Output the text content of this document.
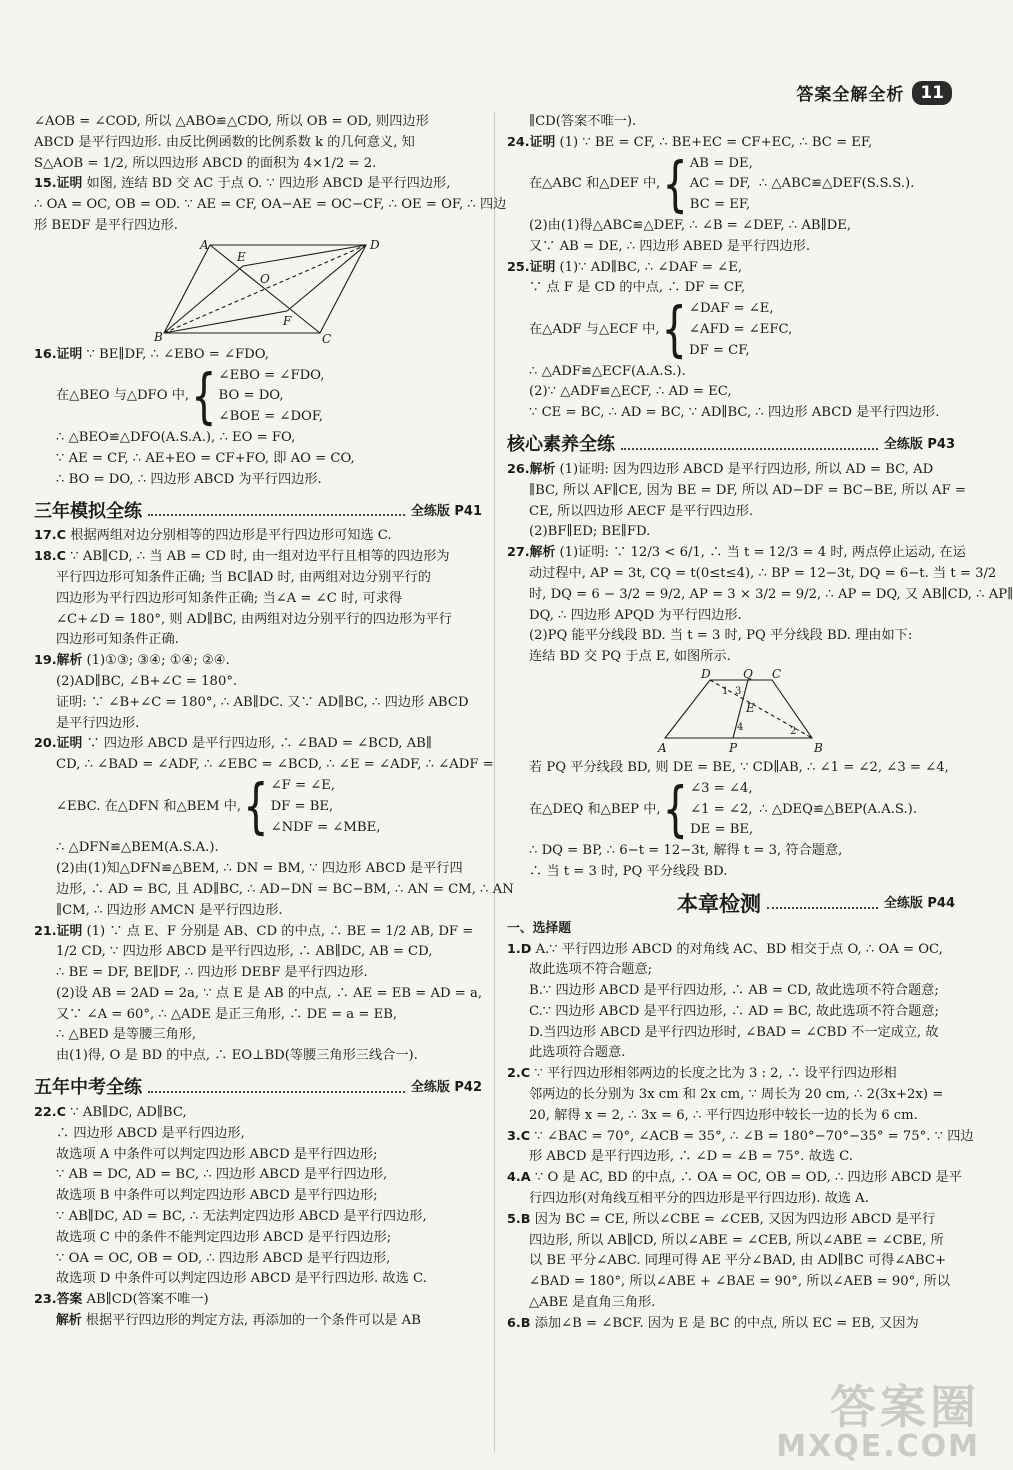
答案全解全析 11

∠AOB = ∠COD, 所以 △ABO≌△CDO, 所以 OB = OD, 则四边形

ABCD 是平行四边形. 由反比例函数的比例系数 k 的几何意义, 知

S△AOB = 1/2, 所以四边形 ABCD 的面积为 4×1/2 = 2.

15.证明 如图, 连结 BD 交 AC 于点 O. ∵ 四边形 ABCD 是平行四边形,

∴ OA = OC, OB = OD. ∵ AE = CF, OA−AE = OC−CF, ∴ OE = OF, ∴ 四边

形 BEDF 是平行四边形.

A	D
B	C
E
F
O

16.证明 ∵ BE∥DF, ∴ ∠EBO = ∠FDO,

在△BEO 与△DFO 中, { ∠EBO = ∠FDO,
BO = DO,
∠BOE = ∠DOF,

∴ △BEO≌△DFO(A.S.A.), ∴ EO = FO,

∵ AE = CF, ∴ AE+EO = CF+FO, 即 AO = CO,

∴ BO = DO, ∴ 四边形 ABCD 为平行四边形.

三年模拟全练	全练版 P41

17.C 根据两组对边分别相等的四边形是平行四边形可知选 C.

18.C ∵ AB∥CD, ∴ 当 AB = CD 时, 由一组对边平行且相等的四边形为

平行四边形可知条件正确; 当 BC∥AD 时, 由两组对边分别平行的

四边形为平行四边形可知条件正确; 当∠A = ∠C 时, 可求得

∠C+∠D = 180°, 则 AD∥BC, 由两组对边分别平行的四边形为平行

四边形可知条件正确.

19.解析 (1)①③; ③④; ①④; ②④.

(2)AD∥BC, ∠B+∠C = 180°.

证明: ∵ ∠B+∠C = 180°, ∴ AB∥DC. 又∵ AD∥BC, ∴ 四边形 ABCD

是平行四边形.

20.证明 ∵ 四边形 ABCD 是平行四边形, ∴ ∠BAD = ∠BCD, AB∥

CD, ∴ ∠BAD = ∠ADF, ∴ ∠EBC = ∠BCD, ∴ ∠E = ∠ADF, ∴ ∠ADF =

∠EBC. 在△DFN 和△BEM 中, { ∠F = ∠E,
DF = BE,
∠NDF = ∠MBE,

∴ △DFN≌△BEM(A.S.A.).

(2)由(1)知△DFN≌△BEM, ∴ DN = BM, ∵ 四边形 ABCD 是平行四

边形, ∴ AD = BC, 且 AD∥BC, ∴ AD−DN = BC−BM, ∴ AN = CM, ∴ AN

∥CM, ∴ 四边形 AMCN 是平行四边形.

21.证明 (1) ∵ 点 E、F 分别是 AB、CD 的中点, ∴ BE = 1/2 AB, DF =

1/2 CD, ∵ 四边形 ABCD 是平行四边形, ∴ AB∥DC, AB = CD,

∴ BE = DF, BE∥DF, ∴ 四边形 DEBF 是平行四边形.

(2)设 AB = 2AD = 2a, ∵ 点 E 是 AB 的中点, ∴ AE = EB = AD = a,

又∵ ∠A = 60°, ∴ △ADE 是正三角形, ∴ DE = a = EB,

∴ △BED 是等腰三角形,

由(1)得, O 是 BD 的中点, ∴ EO⊥BD(等腰三角形三线合一).

五年中考全练	全练版 P42

22.C ∵ AB∥DC, AD∥BC,

∴ 四边形 ABCD 是平行四边形,

故选项 A 中条件可以判定四边形 ABCD 是平行四边形;

∵ AB = DC, AD = BC, ∴ 四边形 ABCD 是平行四边形,

故选项 B 中条件可以判定四边形 ABCD 是平行四边形;

∵ AB∥DC, AD = BC, ∴ 无法判定四边形 ABCD 是平行四边形,

故选项 C 中的条件不能判定四边形 ABCD 是平行四边形;

∵ OA = OC, OB = OD, ∴ 四边形 ABCD 是平行四边形,

故选项 D 中条件可以判定四边形 ABCD 是平行四边形. 故选 C.

23.答案 AB∥CD(答案不唯一)

解析 根据平行四边形的判定方法, 再添加的一个条件可以是 AB

∥CD(答案不唯一).

24.证明 (1) ∵ BE = CF, ∴ BE+EC = CF+EC, ∴ BC = EF,

在△ABC 和△DEF 中, { AB = DE,
AC = DF,
BC = EF,
∴ △ABC≌△DEF(S.S.S.).

(2)由(1)得△ABC≌△DEF, ∴ ∠B = ∠DEF, ∴ AB∥DE,

又∵ AB = DE, ∴ 四边形 ABED 是平行四边形.

25.证明 (1)∵ AD∥BC, ∴ ∠DAF = ∠E,

∵ 点 F 是 CD 的中点, ∴ DF = CF,

在△ADF 与△ECF 中, { ∠DAF = ∠E,
∠AFD = ∠EFC,
DF = CF,

∴ △ADF≌△ECF(A.A.S.).

(2)∵ △ADF≌△ECF, ∴ AD = EC,

∵ CE = BC, ∴ AD = BC, ∵ AD∥BC, ∴ 四边形 ABCD 是平行四边形.

核心素养全练	全练版 P43

26.解析 (1)证明: 因为四边形 ABCD 是平行四边形, 所以 AD = BC, AD

∥BC, 所以 AF∥CE, 因为 BE = DF, 所以 AD−DF = BC−BE, 所以 AF =

CE, 所以四边形 AECF 是平行四边形.

(2)BF∥ED; BE∥FD.

27.解析 (1)证明: ∵ 12/3 < 6/1, ∴ 当 t = 12/3 = 4 时, 两点停止运动, 在运

动过程中, AP = 3t, CQ = t(0≤t≤4), ∴ BP = 12−3t, DQ = 6−t. 当 t = 3/2

时, DQ = 6 − 3/2 = 9/2, AP = 3 × 3/2 = 9/2, ∴ AP = DQ, 又 AB∥CD, ∴ AP∥

DQ, ∴ 四边形 APQD 为平行四边形.

(2)PQ 能平分线段 BD. 当 t = 3 时, PQ 平分线段 BD. 理由如下:

连结 BD 交 PQ 于点 E, 如图所示.

D	Q C
A	P	B
E
1 3
4	2

若 PQ 平分线段 BD, 则 DE = BE, ∵ CD∥AB, ∴ ∠1 = ∠2, ∠3 = ∠4,

在△DEQ 和△BEP 中, { ∠3 = ∠4,
∠1 = ∠2,
DE = BE,
∴ △DEQ≌△BEP(A.A.S.).

∴ DQ = BP, ∴ 6−t = 12−3t, 解得 t = 3, 符合题意,

∴ 当 t = 3 时, PQ 平分线段 BD.

本章检测	全练版 P44

一、选择题

1.D A.∵ 平行四边形 ABCD 的对角线 AC、BD 相交于点 O, ∴ OA = OC,

故此选项不符合题意;

B.∵ 四边形 ABCD 是平行四边形, ∴ AB = CD, 故此选项不符合题意;

C.∵ 四边形 ABCD 是平行四边形, ∴ AD = BC, 故此选项不符合题意;

D.当四边形 ABCD 是平行四边形时, ∠BAD = ∠CBD 不一定成立, 故

此选项符合题意.

2.C ∵ 平行四边形相邻两边的长度之比为 3 : 2, ∴ 设平行四边形相

邻两边的长分别为 3x cm 和 2x cm, ∵ 周长为 20 cm, ∴ 2(3x+2x) =

20, 解得 x = 2, ∴ 3x = 6, ∴ 平行四边形中较长一边的长为 6 cm.

3.C ∵ ∠BAC = 70°, ∠ACB = 35°, ∴ ∠B = 180°−70°−35° = 75°. ∵ 四边

形 ABCD 是平行四边形, ∴ ∠D = ∠B = 75°. 故选 C.

4.A ∵ O 是 AC, BD 的中点, ∴ OA = OC, OB = OD, ∴ 四边形 ABCD 是平

行四边形(对角线互相平分的四边形是平行四边形). 故选 A.

5.B 因为 BC = CE, 所以∠CBE = ∠CEB, 又因为四边形 ABCD 是平行

四边形, 所以 AB∥CD, 所以∠ABE = ∠CEB, 所以∠ABE = ∠CBE, 所

以 BE 平分∠ABC. 同理可得 AE 平分∠BAD, 由 AD∥BC 可得∠ABC+

∠BAD = 180°, 所以∠ABE + ∠BAE = 90°, 所以∠AEB = 90°, 所以

△ABE 是直角三角形.

6.B 添加∠B = ∠BCF. 因为 E 是 BC 的中点, 所以 EC = EB, 又因为

答案圈
MXQE.COM
